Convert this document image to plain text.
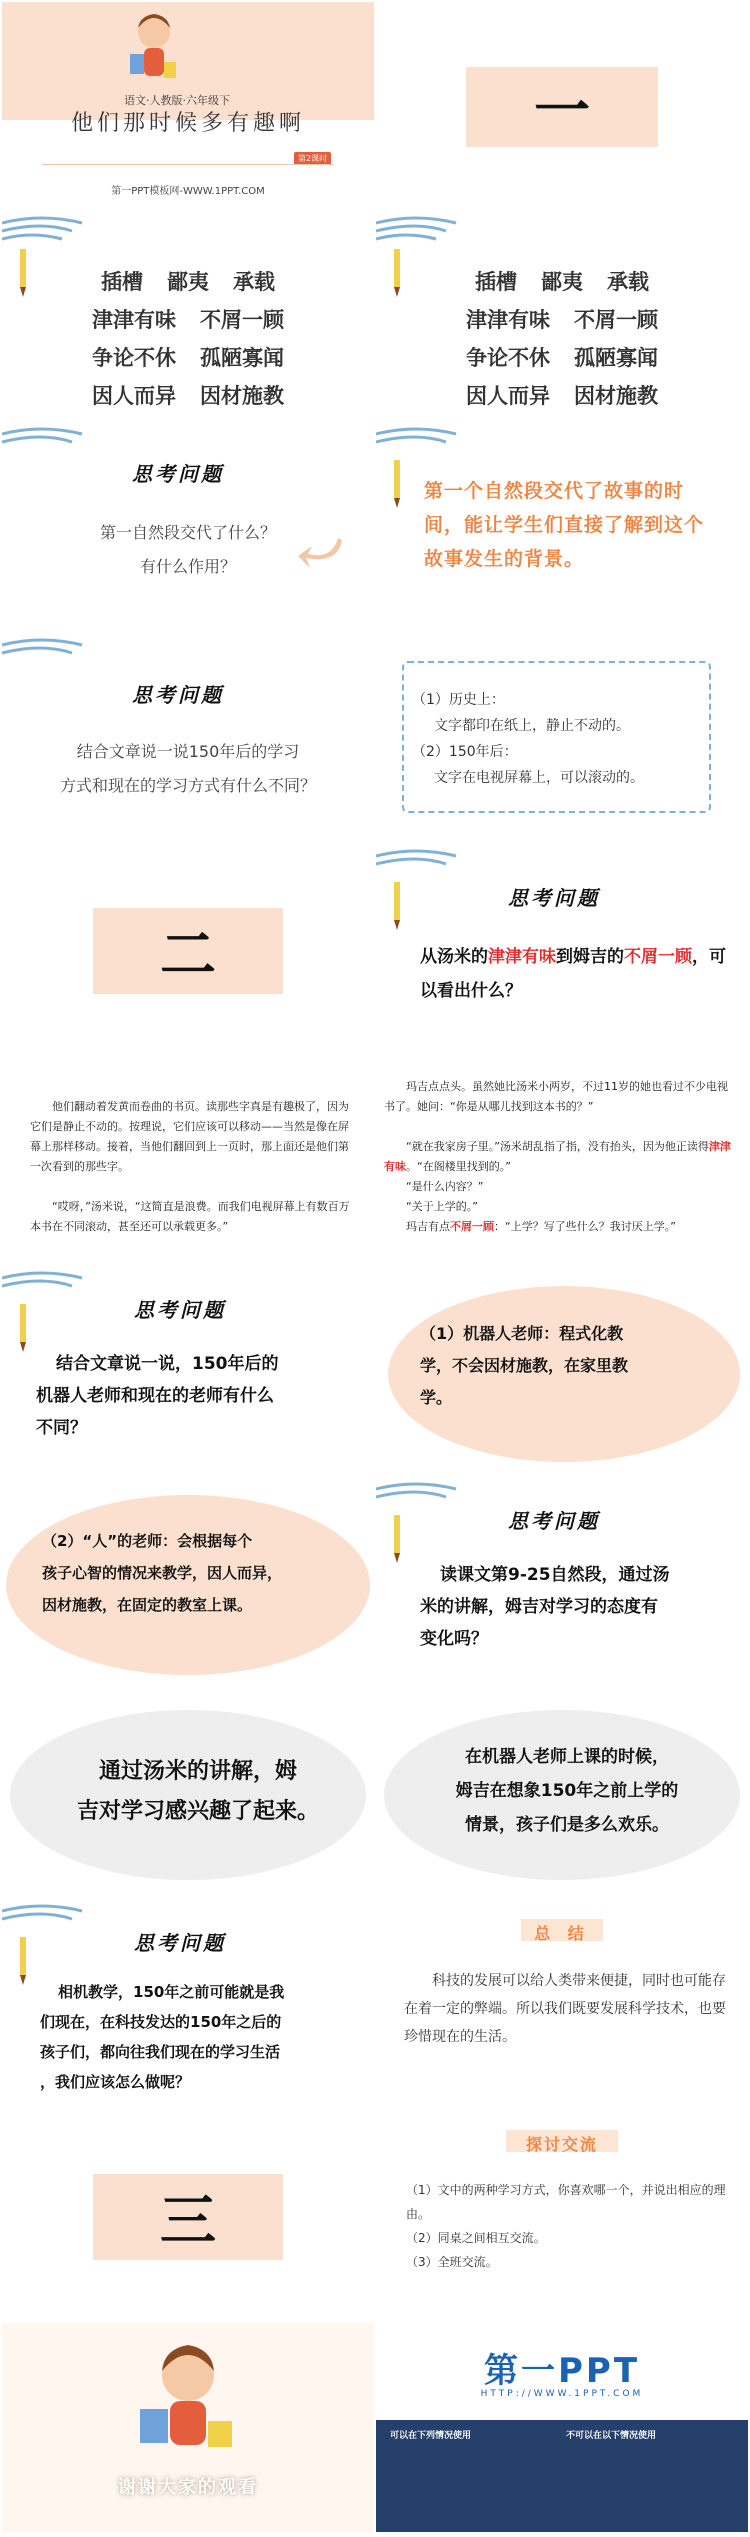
语文·人教版·六年级下
他们那时候多有趣啊
第2课时
第一PPT模板网-WWW.1PPT.COM
一
插槽 鄙夷 承载
津津有味 不屑一顾
争论不休 孤陋寡闻
因人而异 因材施教
插槽 鄙夷 承载
津津有味 不屑一顾
争论不休 孤陋寡闻
因人而异 因材施教
思考问题
第一自然段交代了什么？
有什么作用？
第一个自然段交代了故事的时间，能让学生们直接了解到这个故事发生的背景。
思考问题
结合文章说一说150年后的学习
方式和现在的学习方式有什么不同？
（1）历史上：
文字都印在纸上，静止不动的。
（2）150年后：
文字在电视屏幕上，可以滚动的。
二
思考问题
从汤米的津津有味到姆吉的不屑一顾，可以看出什么？
他们翻动着发黄而卷曲的书页。读那些字真是有趣极了，因为它们是静止不动的。按理说，它们应该可以移动——当然是像在屏幕上那样移动。接着，当他们翻回到上一页时，那上面还是他们第一次看到的那些字。
“哎呀，”汤米说，“这简直是浪费。而我们电视屏幕上有数百万本书在不同滚动，甚至还可以承载更多。”
玛吉点点头。虽然她比汤米小两岁，不过11岁的她也看过不少电视书了。她问：“你是从哪儿找到这本书的？”
“就在我家房子里。”汤米胡乱指了指，没有抬头，因为他正读得津津有味。“在阁楼里找到的。”
“是什么内容？”
“关于上学的。”
玛吉有点不屑一顾：“上学？写了些什么？我讨厌上学。”
思考问题
结合文章说一说，150年后的
机器人老师和现在的老师有什么
不同？
（1）机器人老师：程式化教
学，不会因材施教，在家里教
学。
（2）“人”的老师：会根据每个
孩子心智的情况来教学，因人而异，
因材施教，在固定的教室上课。
思考问题
读课文第9-25自然段，通过汤
米的讲解，姆吉对学习的态度有
变化吗？
通过汤米的讲解，姆
吉对学习感兴趣了起来。
在机器人老师上课的时候，
姆吉在想象150年之前上学的
情景，孩子们是多么欢乐。
思考问题
相机教学，150年之前可能就是我
们现在，在科技发达的150年之后的
孩子们，都向往我们现在的学习生活
，我们应该怎么做呢？
总 结
科技的发展可以给人类带来便捷，同时也可能存在着一定的弊端。所以我们既要发展科学技术，也要珍惜现在的生活。
三
探讨交流
（1）文中的两种学习方式，你喜欢哪一个，并说出相应的理由。
（2）同桌之间相互交流。
（3）全班交流。
谢谢大家的观看
第一PPT
HTTP://WWW.1PPT.COM
可以在下列情况使用	不可以在以下情况使用
